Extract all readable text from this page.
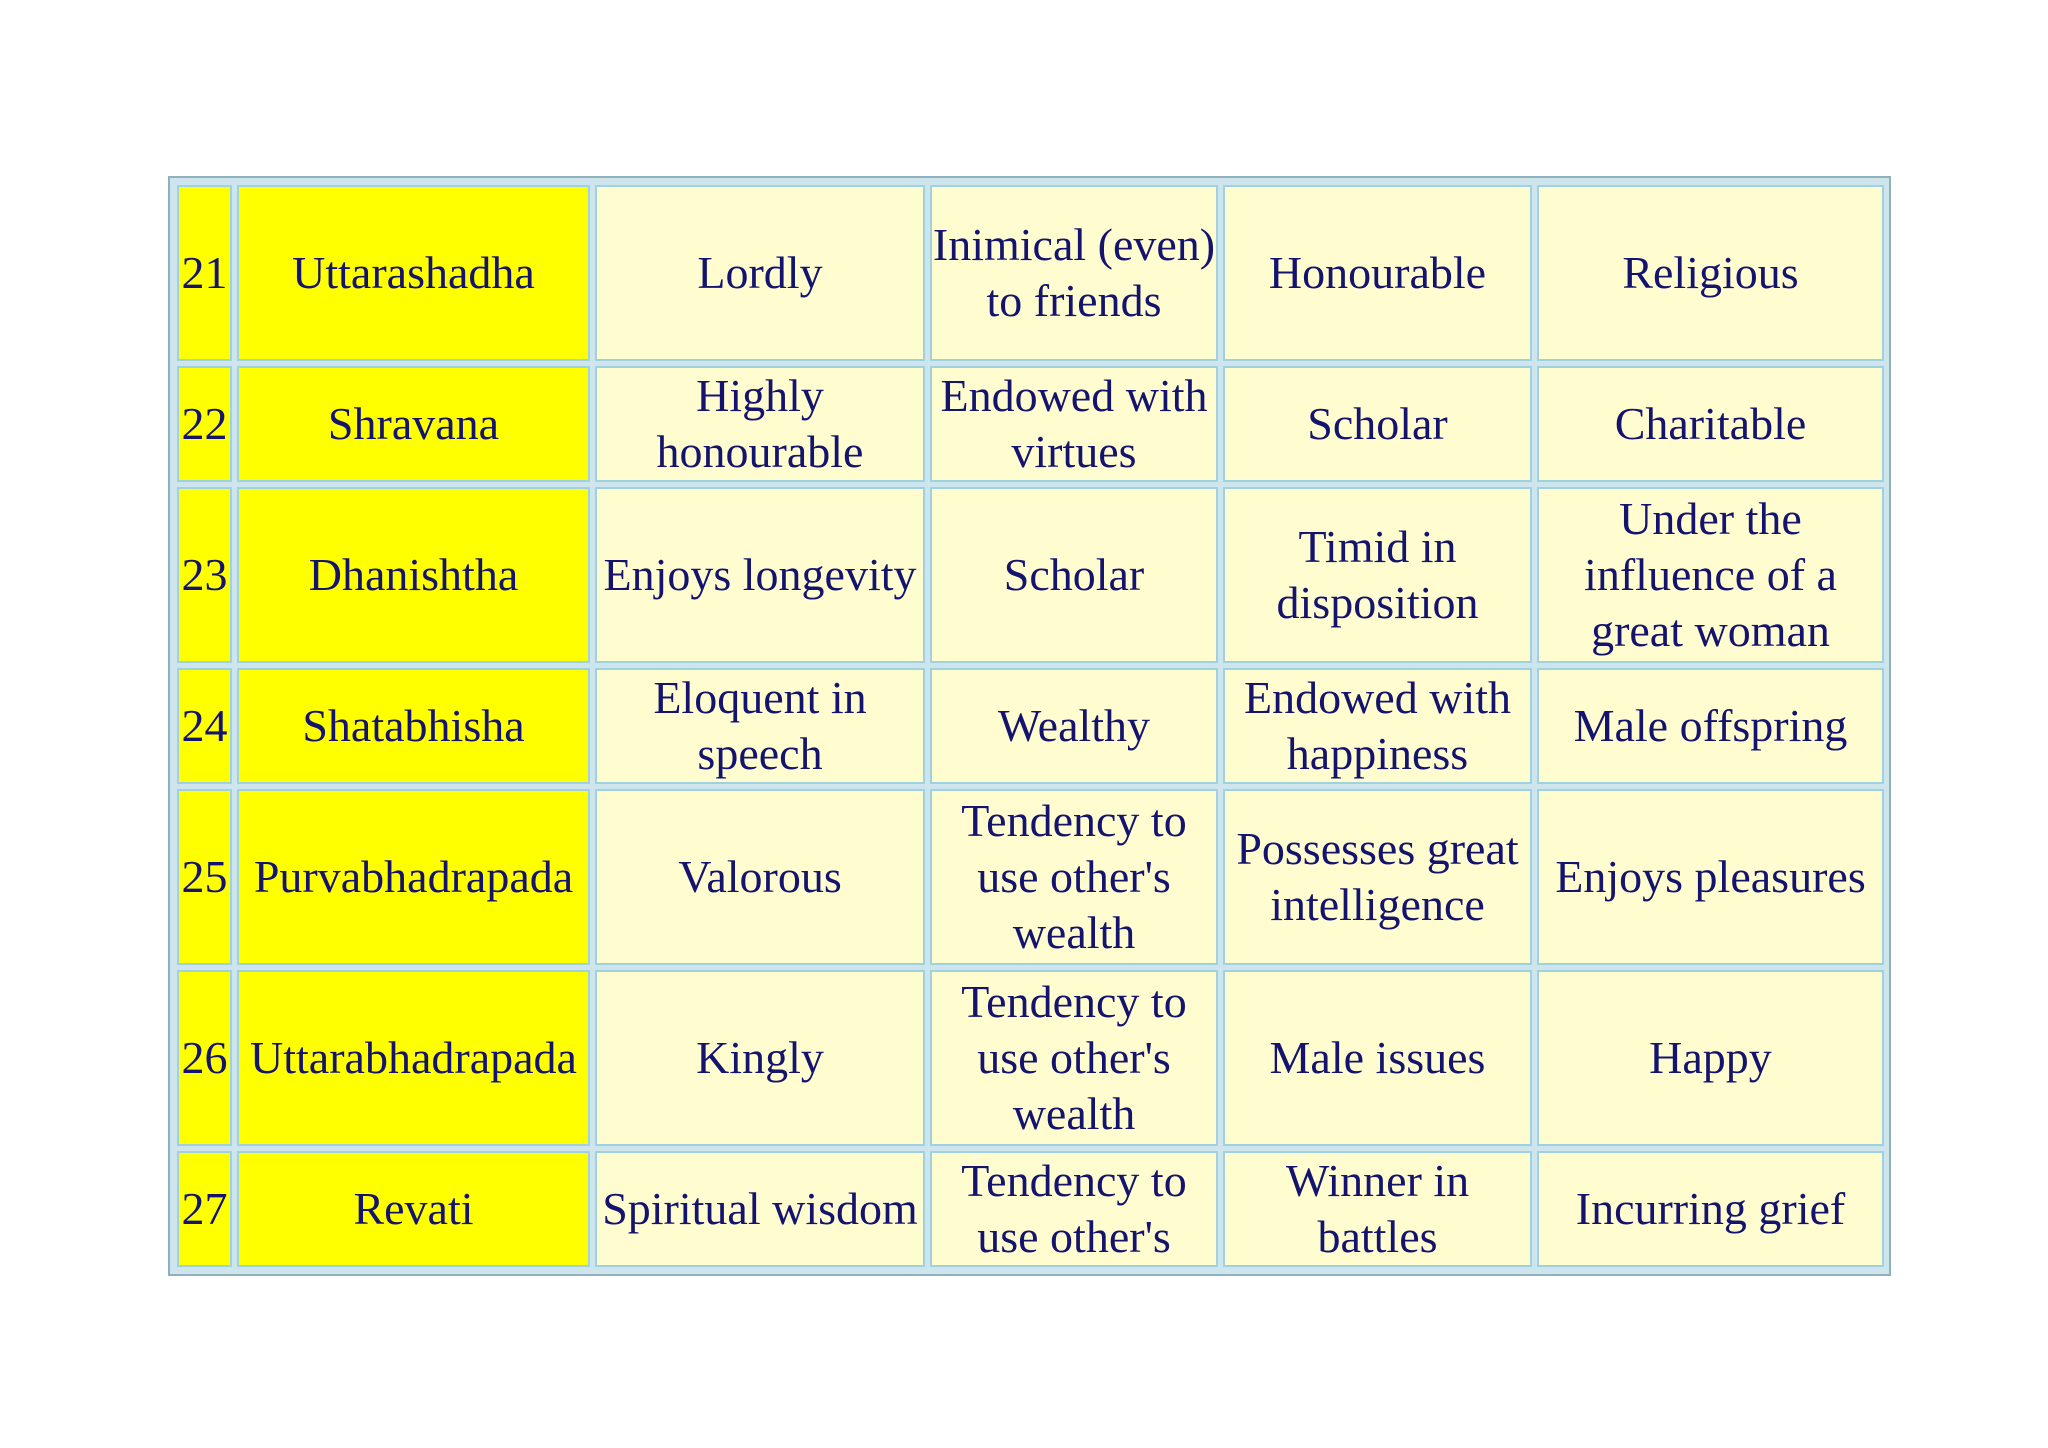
21	Uttarashadha	Lordly	Inimical (even) to friends	Honourable	Religious

22	Shravana	Highly honourable	Endowed with virtues	Scholar	Charitable

23	Dhanishtha	Enjoys longevity	Scholar	Timid in disposition	Under the influence of a great woman

24	Shatabhisha	Eloquent in speech	Wealthy	Endowed with happiness	Male offspring

25	Purvabhadrapada	Valorous	Tendency to use other's wealth	Possesses great intelligence	Enjoys pleasures

26	Uttarabhadrapada	Kingly	Tendency to use other's wealth	Male issues	Happy

27	Revati	Spiritual wisdom	Tendency to use other's	Winner in battles	Incurring grief
